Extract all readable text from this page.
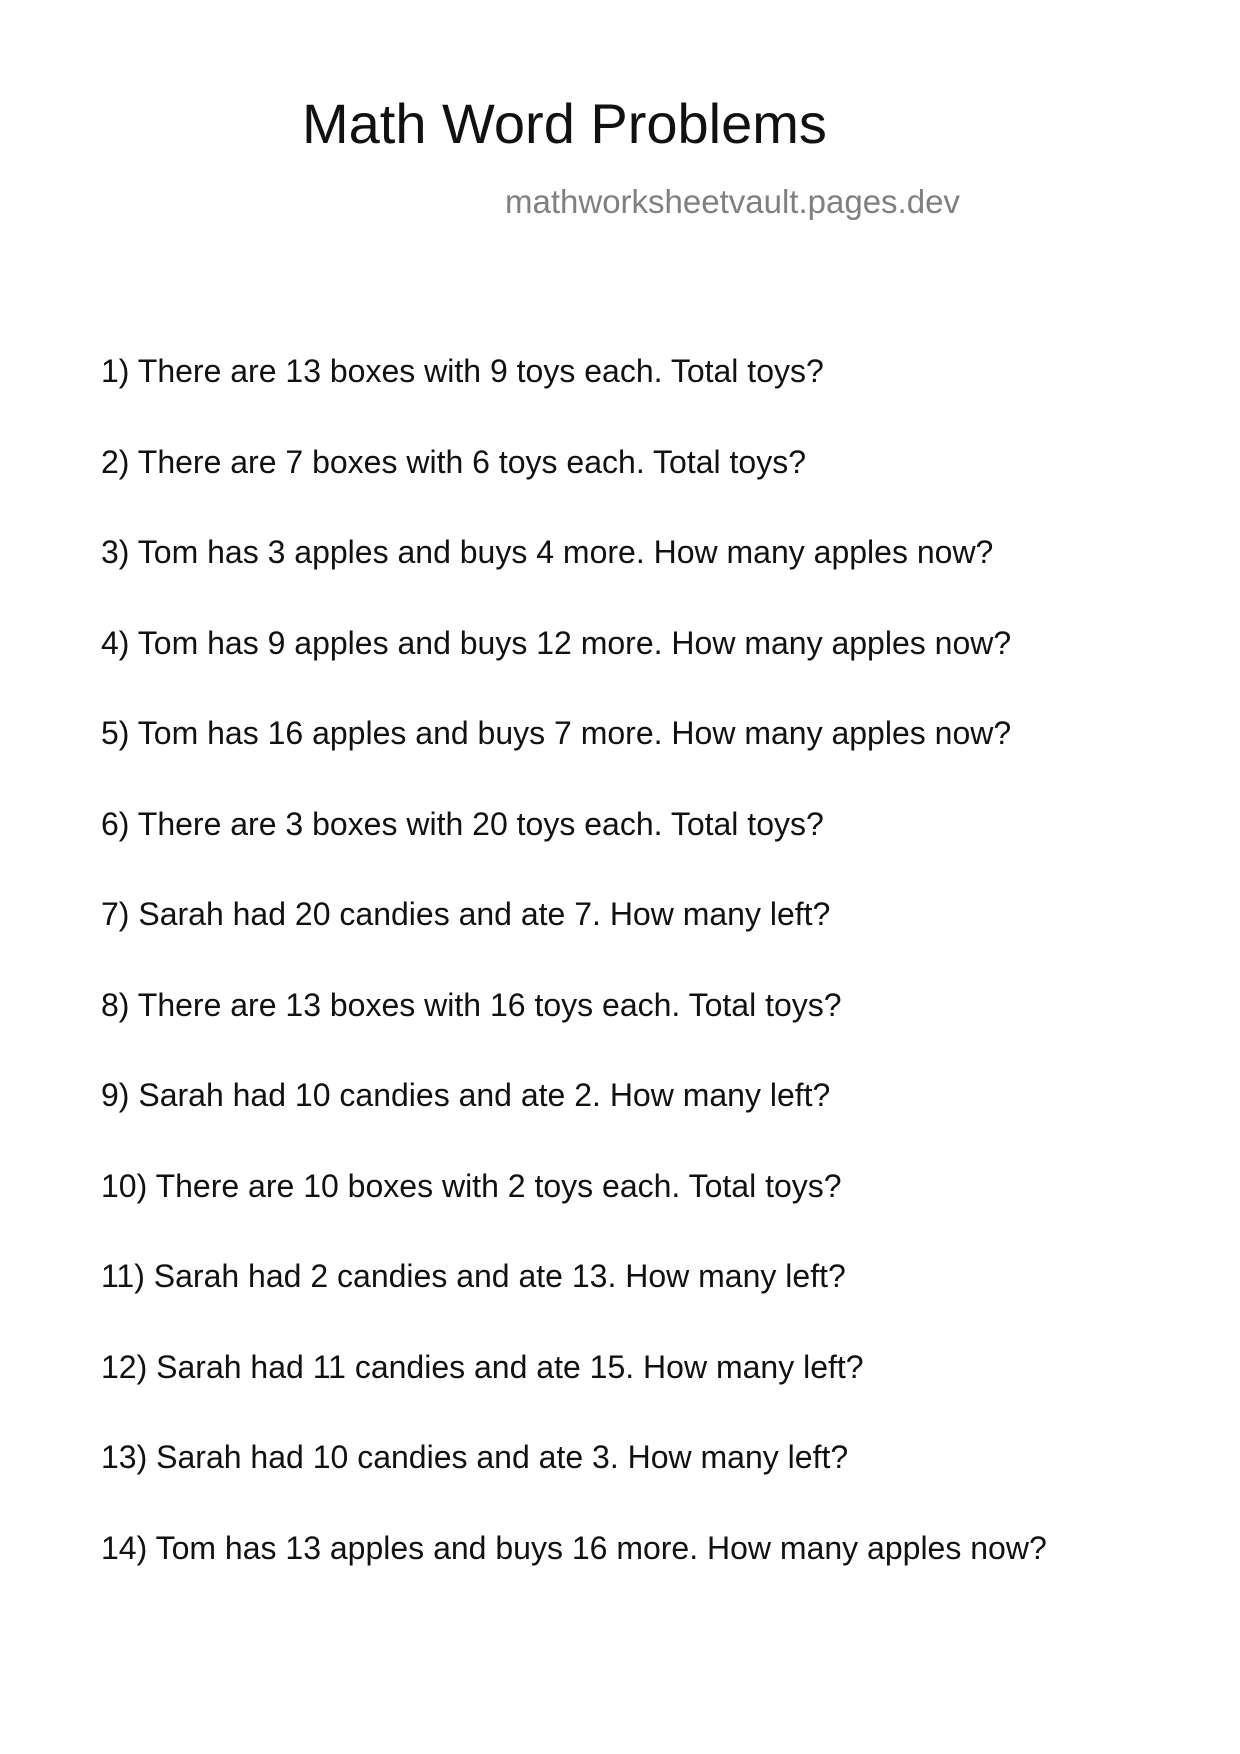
Math Word Problems
mathworksheetvault.pages.dev
1) There are 13 boxes with 9 toys each. Total toys?
2) There are 7 boxes with 6 toys each. Total toys?
3) Tom has 3 apples and buys 4 more. How many apples now?
4) Tom has 9 apples and buys 12 more. How many apples now?
5) Tom has 16 apples and buys 7 more. How many apples now?
6) There are 3 boxes with 20 toys each. Total toys?
7) Sarah had 20 candies and ate 7. How many left?
8) There are 13 boxes with 16 toys each. Total toys?
9) Sarah had 10 candies and ate 2. How many left?
10) There are 10 boxes with 2 toys each. Total toys?
11) Sarah had 2 candies and ate 13. How many left?
12) Sarah had 11 candies and ate 15. How many left?
13) Sarah had 10 candies and ate 3. How many left?
14) Tom has 13 apples and buys 16 more. How many apples now?
